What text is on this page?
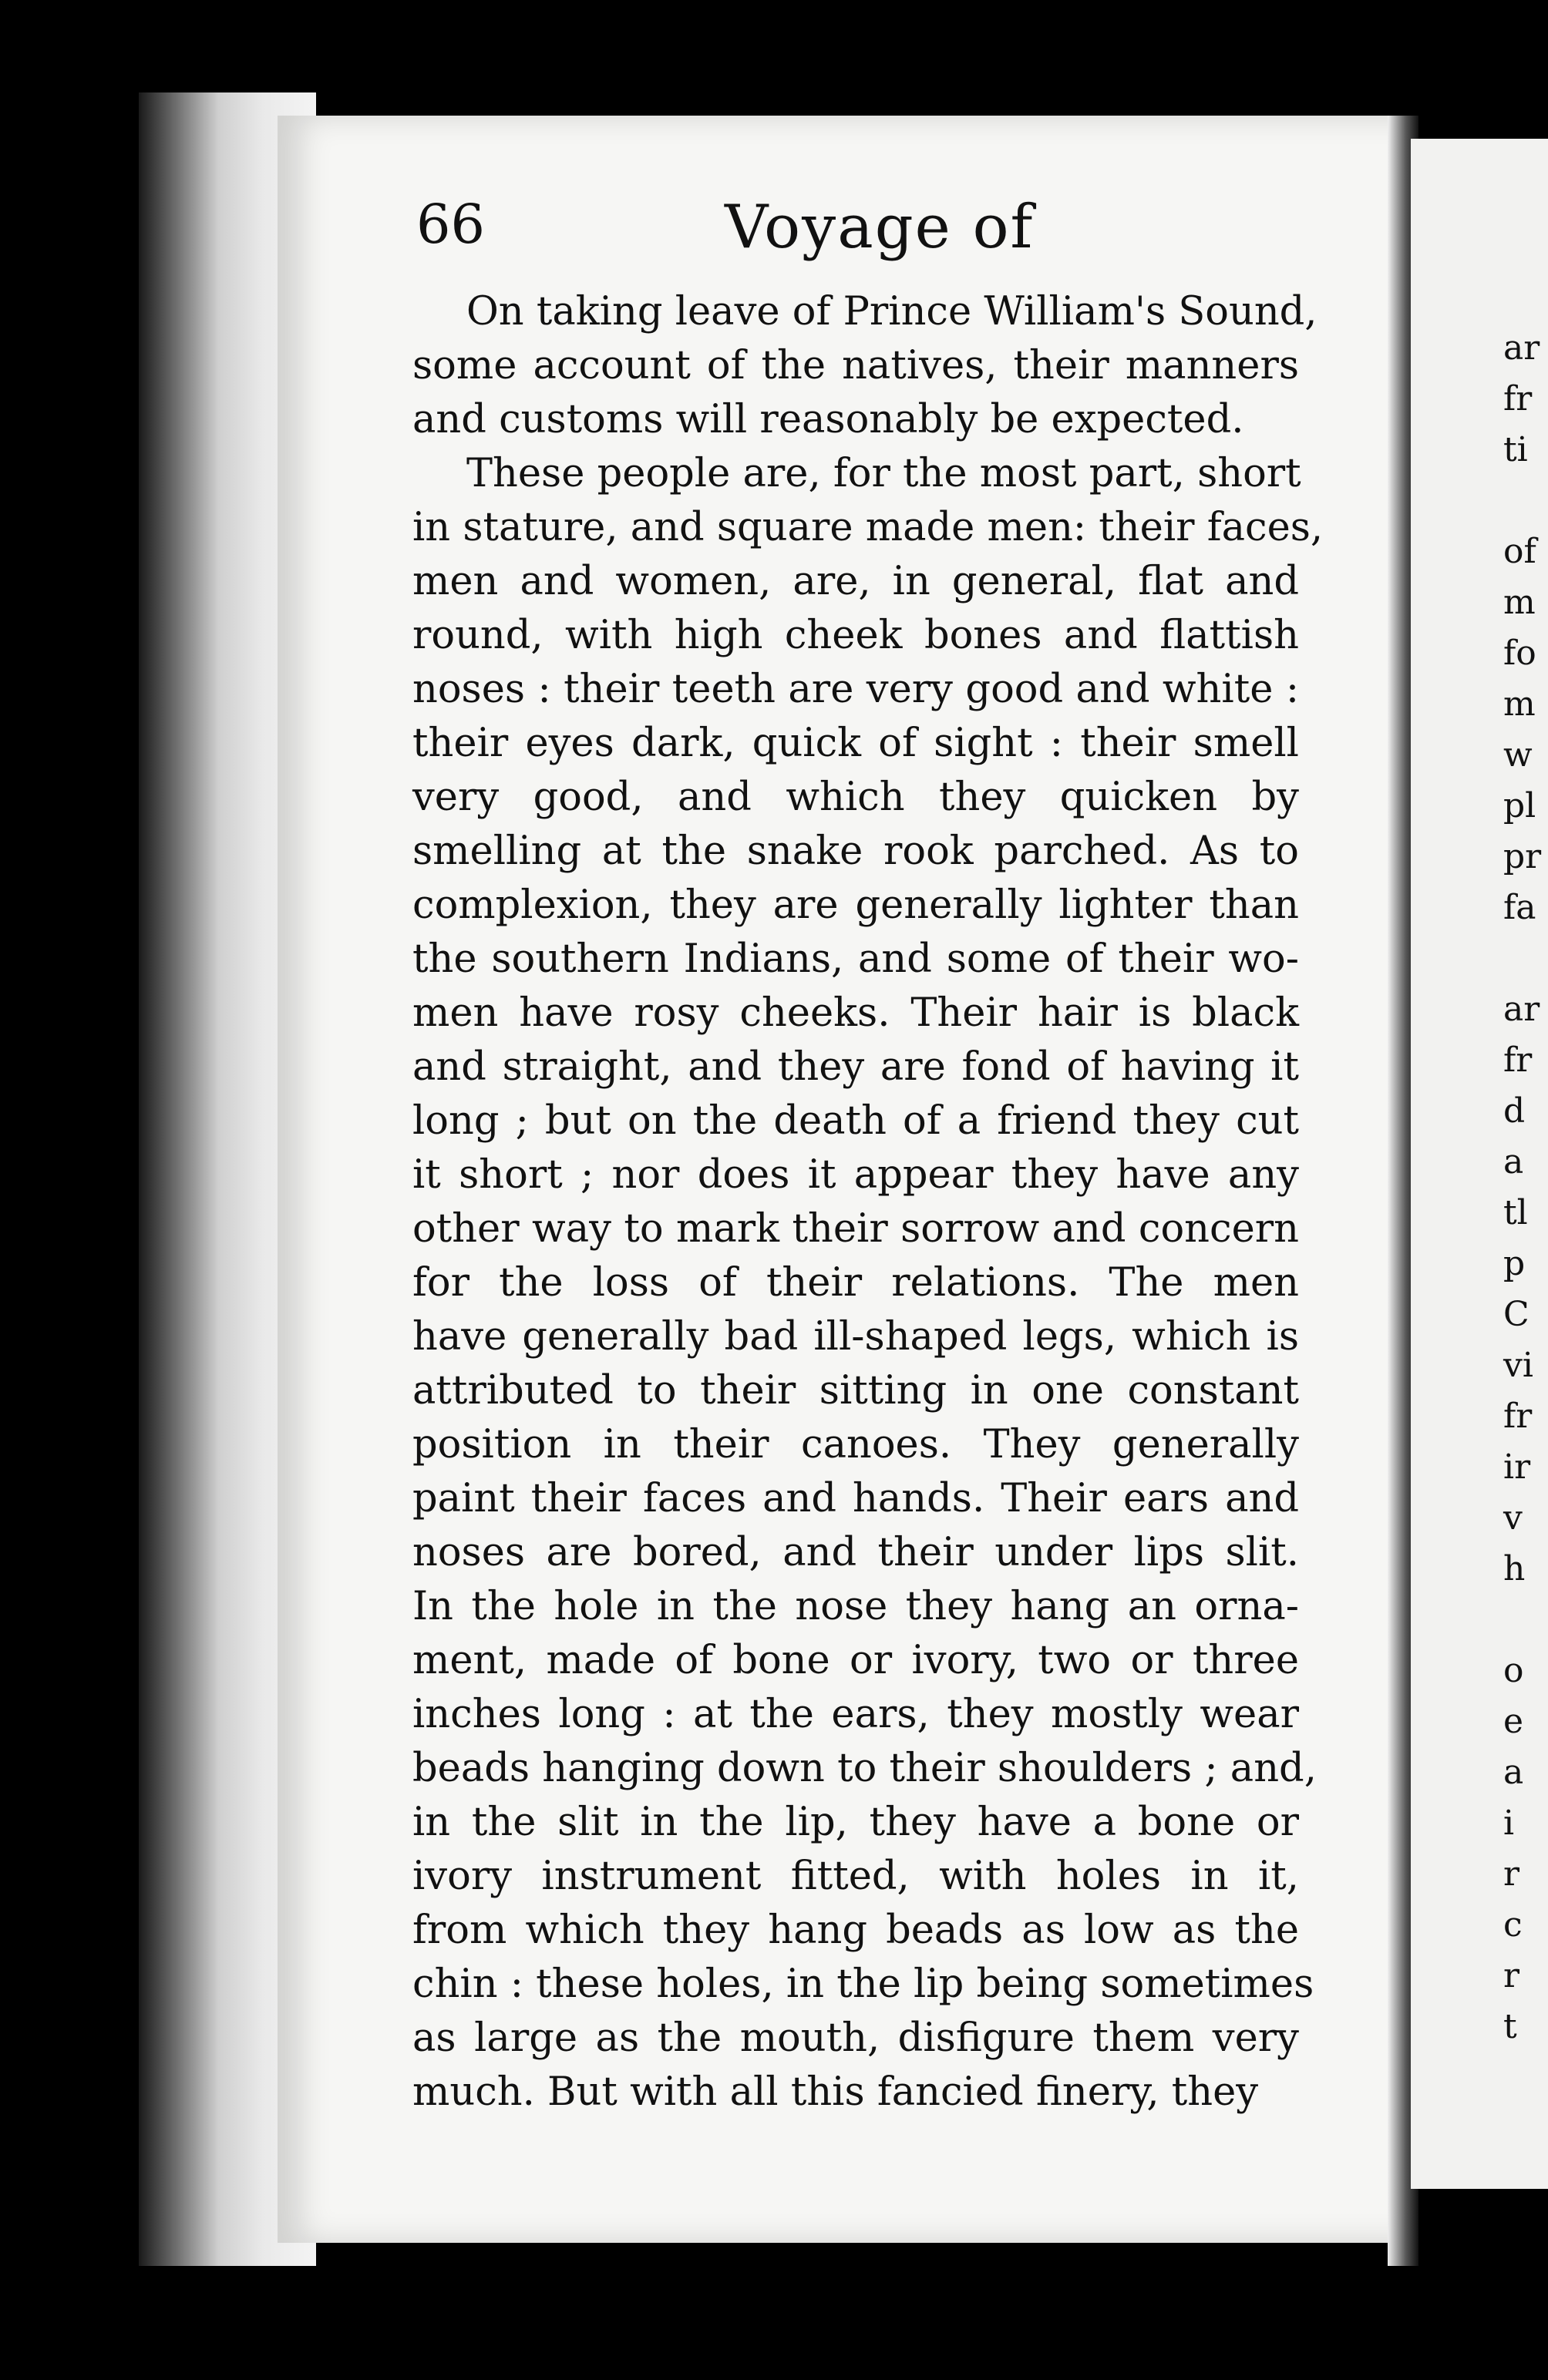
66	Voyage of
On taking leave of Prince William's Sound,
some account of the natives, their manners
and customs will reasonably be expected.
These people are, for the most part, short
in stature, and square made men: their faces,
men and women, are, in general, flat and
round, with high cheek bones and flattish
noses : their teeth are very good and white :
their eyes dark, quick of sight : their smell
very good, and which they quicken by
smelling at the snake rook parched. As to
complexion, they are generally lighter than
the southern Indians, and some of their wo-
men have rosy cheeks. Their hair is black
and straight, and they are fond of having it
long ; but on the death of a friend they cut
it short ; nor does it appear they have any
other way to mark their sorrow and concern
for the loss of their relations. The men
have generally bad ill-shaped legs, which is
attributed to their sitting in one constant
position in their canoes. They generally
paint their faces and hands. Their ears and
noses are bored, and their under lips slit.
In the hole in the nose they hang an orna-
ment, made of bone or ivory, two or three
inches long : at the ears, they mostly wear
beads hanging down to their shoulders ; and,
in the slit in the lip, they have a bone or
ivory instrument fitted, with holes in it,
from which they hang beads as low as the
chin : these holes, in the lip being sometimes
as large as the mouth, disfigure them very
much. But with all this fancied finery, they
ar
fr
ti
of
m
fo
m
w
pl
pr
fa
ar
fr
d
a
tl
p
C
vi
fr
ir
v
h
o
e
a
i
r
c
r
t
